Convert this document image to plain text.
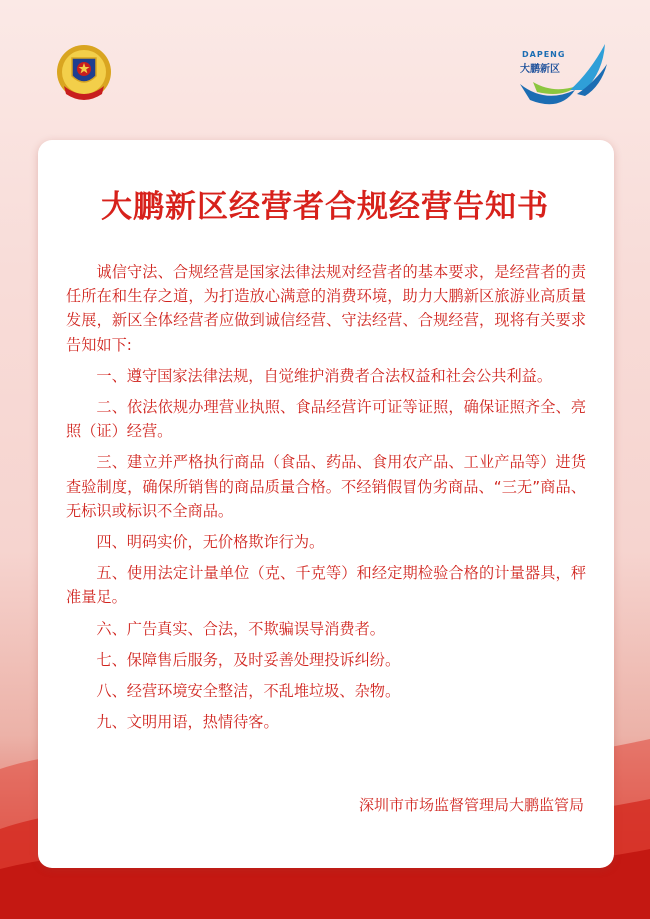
DAPENG
大鹏新区
大鹏新区经营者合规经营告知书

诚信守法、合规经营是国家法律法规对经营者的基本要求，是经营者的责任所在和生存之道，为打造放心满意的消费环境，助力大鹏新区旅游业高质量发展，新区全体经营者应做到诚信经营、守法经营、合规经营，现将有关要求告知如下:

一、遵守国家法律法规，自觉维护消费者合法权益和社会公共利益。

二、依法依规办理营业执照、食品经营许可证等证照，确保证照齐全、亮照（证）经营。

三、建立并严格执行商品（食品、药品、食用农产品、工业产品等）进货查验制度，确保所销售的商品质量合格。不经销假冒伪劣商品、“三无”商品、无标识或标识不全商品。

四、明码实价，无价格欺诈行为。

五、使用法定计量单位（克、千克等）和经定期检验合格的计量器具，秤准量足。

六、广告真实、合法，不欺骗误导消费者。

七、保障售后服务，及时妥善处理投诉纠纷。

八、经营环境安全整洁，不乱堆垃圾、杂物。

九、文明用语，热情待客。

深圳市市场监督管理局大鹏监管局
